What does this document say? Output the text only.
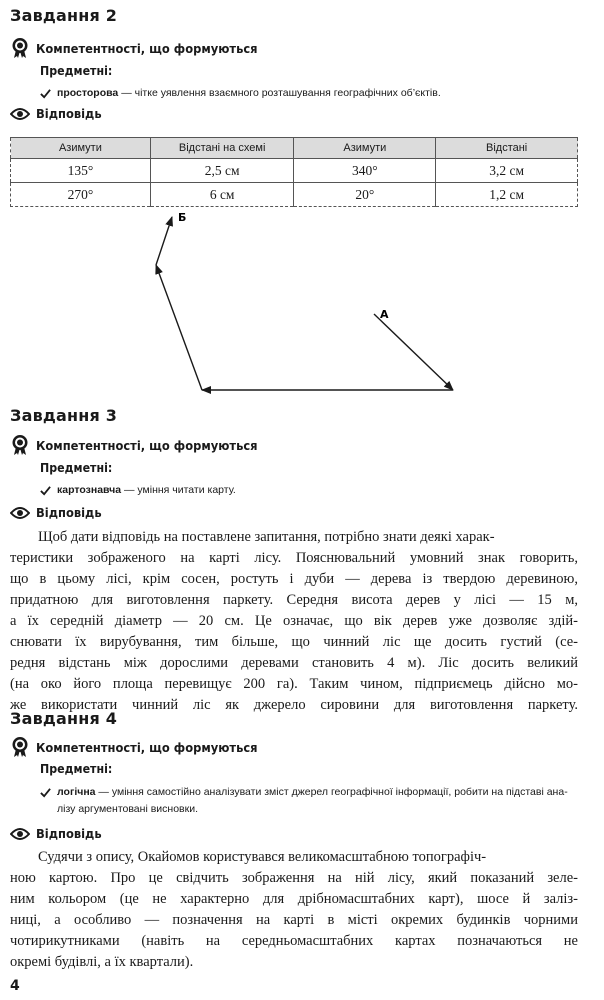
Завдання 2
Компетентності, що формуються
Предметні:
просторова — чітке уявлення взаємного розташування географічних об’єктів.
Відповідь
Азимути	Відстані на схемі	Азимути	Відстані
135°	2,5 см	340°	3,2 см
270°	6 см	20°	1,2 см
А
Б
Завдання 3
Компетентності, що формуються
Предметні:
картознавча — уміння читати карту.
Відповідь
Щоб дати відповідь на поставлене запитання, потрібно знати деякі харак-
теристики зображеного на карті лісу. Пояснювальний умовний знак говорить,
що в цьому лісі, крім сосен, ростуть і дуби — дерева із твердою деревиною,
придатною для виготовлення паркету. Середня висота дерев у лісі — 15 м,
а їх середній діаметр — 20 см. Це означає, що вік дерев уже дозволяє здій-
снювати їх вирубування, тим більше, що чинний ліс ще досить густий (се-
редня відстань між дорослими деревами становить 4 м). Ліс досить великий
(на око його площа перевищує 200 га). Таким чином, підприємець дійсно мо-
же використати чинний ліс як джерело сировини для виготовлення паркету.
Завдання 4
Компетентності, що формуються
Предметні:
логічна — уміння самостійно аналізувати зміст джерел географічної інформації, робити на підставі ана-
лізу аргументовані висновки.
Відповідь
Судячи з опису, Окайомов користувався великомасштабною топографіч-
ною картою. Про це свідчить зображення на ній лісу, який показаний зеле-
ним кольором (це не характерно для дрібномасштабних карт), шосе й заліз-
ниці, а особливо — позначення на карті в місті окремих будинків чорними
чотирикутниками (навіть на середньомасштабних картах позначаються не
окремі будівлі, а їх квартали).
4
